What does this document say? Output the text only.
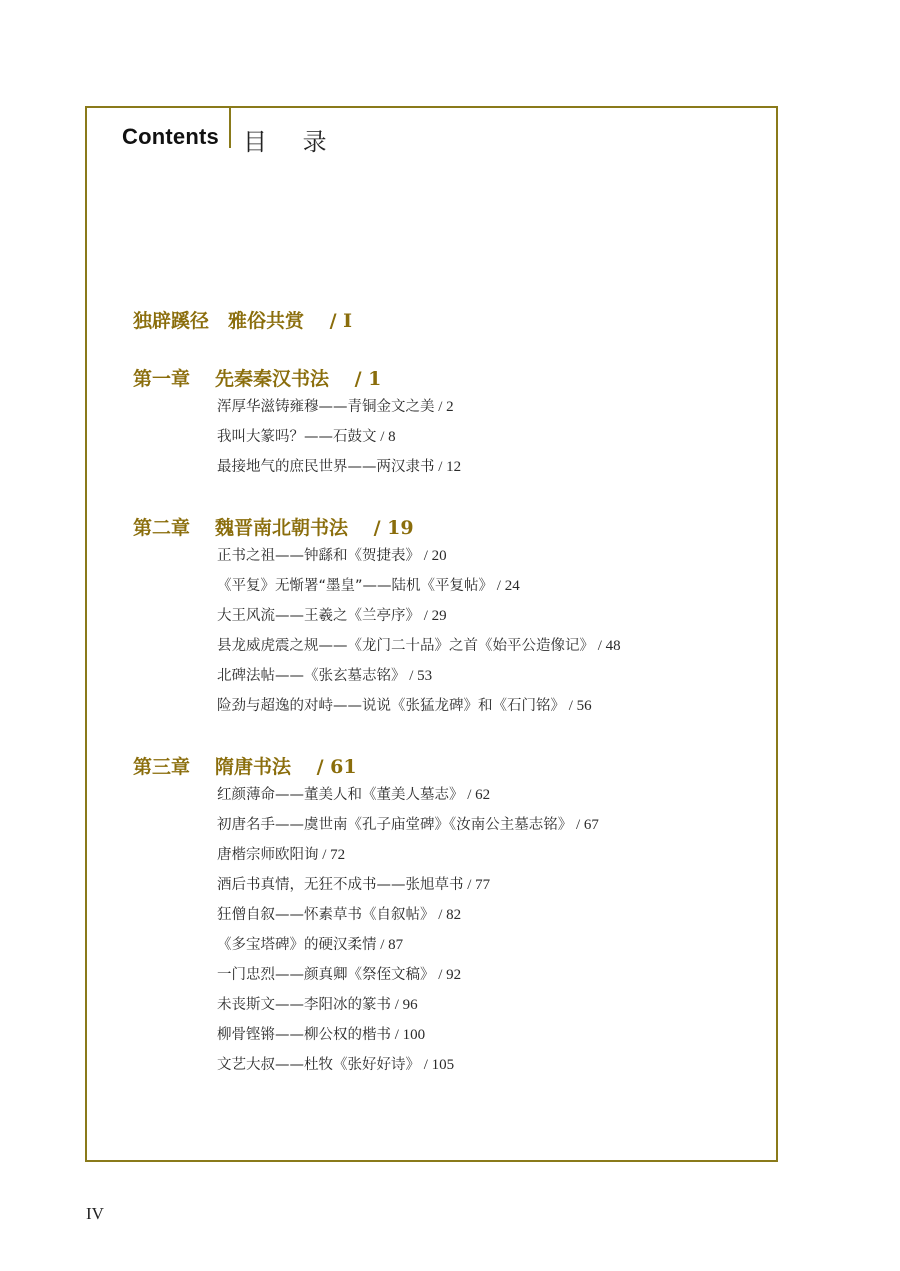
Contents 目 录
独辟蹊径　雅俗共赏　 / I
第一章 先秦秦汉书法　 / 1
浑厚华滋铸雍穆——青铜金文之美 / 2
我叫大篆吗？——石鼓文 / 8
最接地气的庶民世界——两汉隶书 / 12
第二章 魏晋南北朝书法　 / 19
正书之祖——钟繇和《贺捷表》 / 20
《平复》无惭署“墨皇”——陆机《平复帖》 / 24
大王风流——王羲之《兰亭序》 / 29
县龙威虎震之规——《龙门二十品》之首《始平公造像记》 / 48
北碑法帖——《张玄墓志铭》 / 53
险劲与超逸的对峙——说说《张猛龙碑》和《石门铭》 / 56
第三章 隋唐书法　 / 61
红颜薄命——董美人和《董美人墓志》 / 62
初唐名手——虞世南《孔子庙堂碑》《汝南公主墓志铭》 / 67
唐楷宗师欧阳询 / 72
酒后书真情，无狂不成书——张旭草书 / 77
狂僧自叙——怀素草书《自叙帖》 / 82
《多宝塔碑》的硬汉柔情 / 87
一门忠烈——颜真卿《祭侄文稿》 / 92
未丧斯文——李阳冰的篆书 / 96
柳骨铿锵——柳公权的楷书 / 100
文艺大叔——杜牧《张好好诗》 / 105
IV
